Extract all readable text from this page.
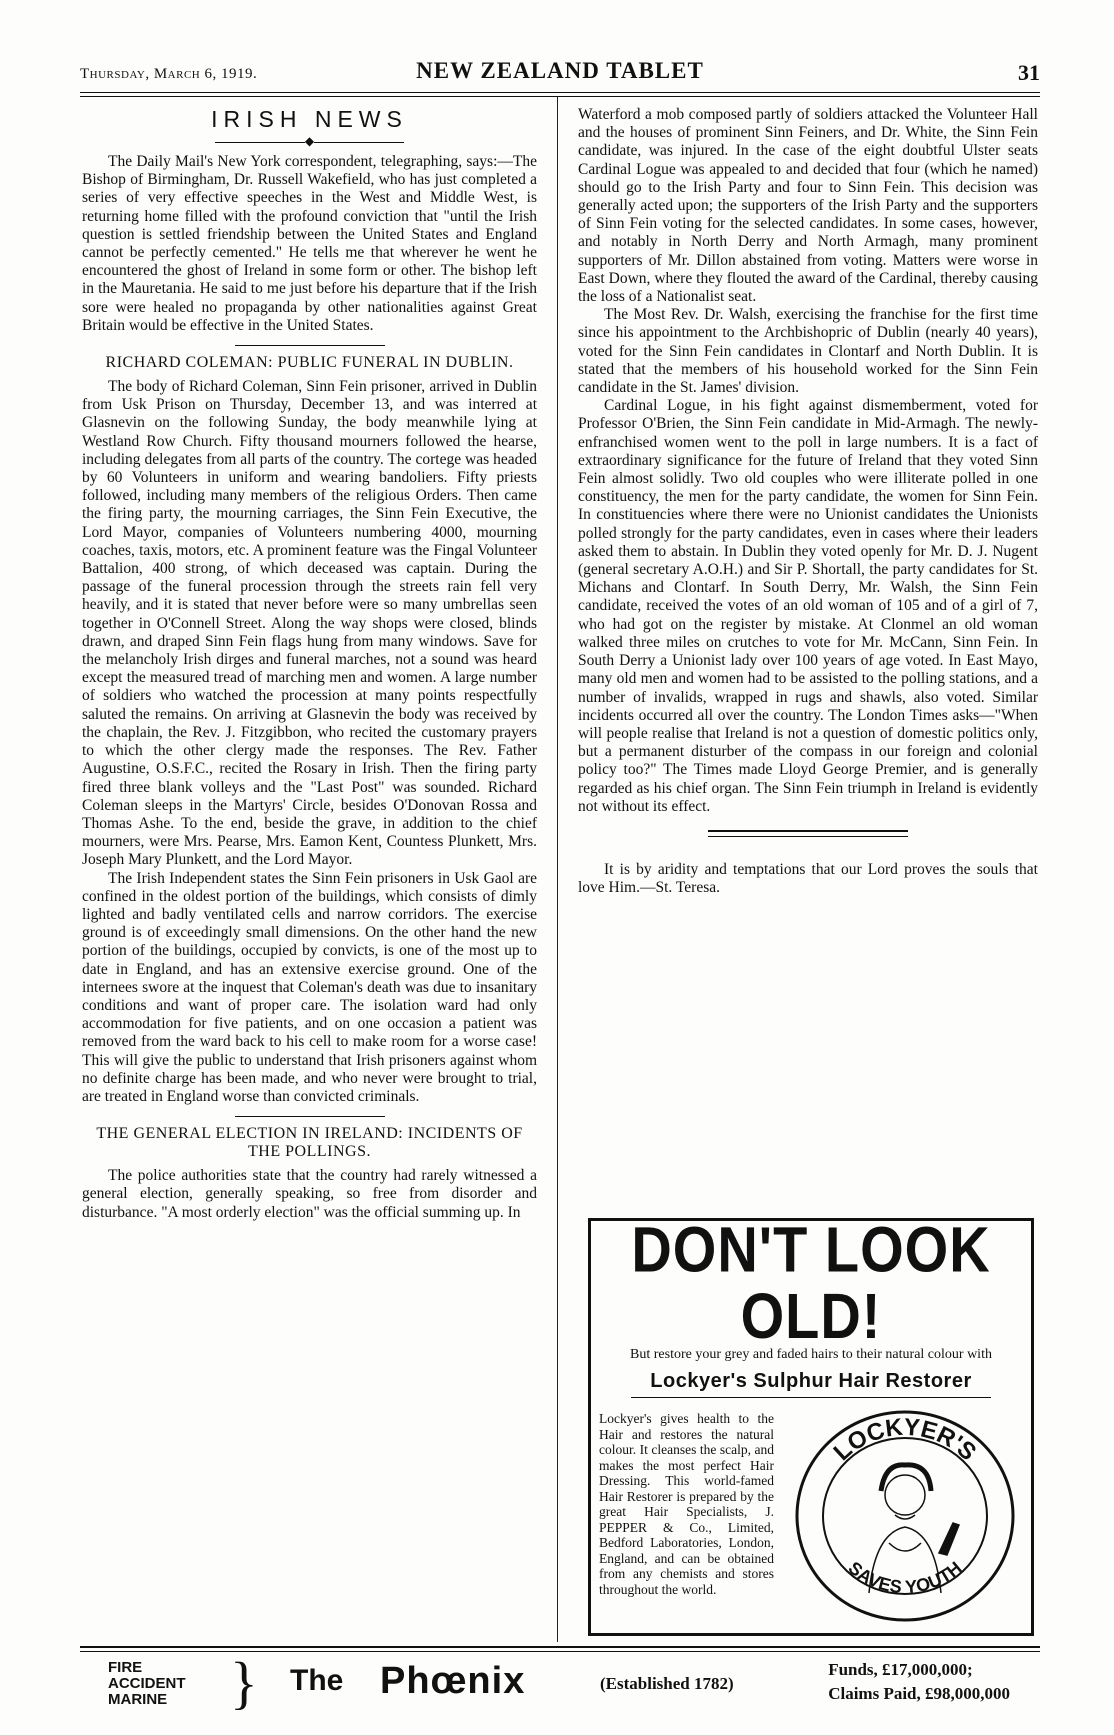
Thursday, March 6, 1919.	NEW ZEALAND TABLET	31
IRISH NEWS
◆

The Daily Mail's New York correspondent, telegraphing, says:—The Bishop of Birmingham, Dr. Russell Wakefield, who has just completed a series of very effective speeches in the West and Middle West, is returning home filled with the profound conviction that "until the Irish question is settled friendship between the United States and England cannot be perfectly cemented." He tells me that wherever he went he encountered the ghost of Ireland in some form or other. The bishop left in the Mauretania. He said to me just before his departure that if the Irish sore were healed no propaganda by other nationalities against Great Britain would be effective in the United States.

RICHARD COLEMAN: PUBLIC FUNERAL IN DUBLIN.

The body of Richard Coleman, Sinn Fein prisoner, arrived in Dublin from Usk Prison on Thursday, December 13, and was interred at Glasnevin on the following Sunday, the body meanwhile lying at Westland Row Church. Fifty thousand mourners followed the hearse, including delegates from all parts of the country. The cortege was headed by 60 Volunteers in uniform and wearing bandoliers. Fifty priests followed, including many members of the religious Orders. Then came the firing party, the mourning carriages, the Sinn Fein Executive, the Lord Mayor, companies of Volunteers numbering 4000, mourning coaches, taxis, motors, etc. A prominent feature was the Fingal Volunteer Battalion, 400 strong, of which deceased was captain. During the passage of the funeral procession through the streets rain fell very heavily, and it is stated that never before were so many umbrellas seen together in O'Connell Street. Along the way shops were closed, blinds drawn, and draped Sinn Fein flags hung from many windows. Save for the melancholy Irish dirges and funeral marches, not a sound was heard except the measured tread of marching men and women. A large number of soldiers who watched the procession at many points respectfully saluted the remains. On arriving at Glasnevin the body was received by the chaplain, the Rev. J. Fitzgibbon, who recited the customary prayers to which the other clergy made the responses. The Rev. Father Augustine, O.S.F.C., recited the Rosary in Irish. Then the firing party fired three blank volleys and the "Last Post" was sounded. Richard Coleman sleeps in the Martyrs' Circle, besides O'Donovan Rossa and Thomas Ashe. To the end, beside the grave, in addition to the chief mourners, were Mrs. Pearse, Mrs. Eamon Kent, Countess Plunkett, Mrs. Joseph Mary Plunkett, and the Lord Mayor.

The Irish Independent states the Sinn Fein prisoners in Usk Gaol are confined in the oldest portion of the buildings, which consists of dimly lighted and badly ventilated cells and narrow corridors. The exercise ground is of exceedingly small dimensions. On the other hand the new portion of the buildings, occupied by convicts, is one of the most up to date in England, and has an extensive exercise ground. One of the internees swore at the inquest that Coleman's death was due to insanitary conditions and want of proper care. The isolation ward had only accommodation for five patients, and on one occasion a patient was removed from the ward back to his cell to make room for a worse case! This will give the public to understand that Irish prisoners against whom no definite charge has been made, and who never were brought to trial, are treated in England worse than convicted criminals.

THE GENERAL ELECTION IN IRELAND: INCIDENTS OF THE POLLINGS.

The police authorities state that the country had rarely witnessed a general election, generally speaking, so free from disorder and disturbance. "A most orderly election" was the official summing up. In

Waterford a mob composed partly of soldiers attacked the Volunteer Hall and the houses of prominent Sinn Feiners, and Dr. White, the Sinn Fein candidate, was injured. In the case of the eight doubtful Ulster seats Cardinal Logue was appealed to and decided that four (which he named) should go to the Irish Party and four to Sinn Fein. This decision was generally acted upon; the supporters of the Irish Party and the supporters of Sinn Fein voting for the selected candidates. In some cases, however, and notably in North Derry and North Armagh, many prominent supporters of Mr. Dillon abstained from voting. Matters were worse in East Down, where they flouted the award of the Cardinal, thereby causing the loss of a Nationalist seat.

The Most Rev. Dr. Walsh, exercising the franchise for the first time since his appointment to the Archbishopric of Dublin (nearly 40 years), voted for the Sinn Fein candidates in Clontarf and North Dublin. It is stated that the members of his household worked for the Sinn Fein candidate in the St. James' division.

Cardinal Logue, in his fight against dismemberment, voted for Professor O'Brien, the Sinn Fein candidate in Mid-Armagh. The newly-enfranchised women went to the poll in large numbers. It is a fact of extraordinary significance for the future of Ireland that they voted Sinn Fein almost solidly. Two old couples who were illiterate polled in one constituency, the men for the party candidate, the women for Sinn Fein. In constituencies where there were no Unionist candidates the Unionists polled strongly for the party candidates, even in cases where their leaders asked them to abstain. In Dublin they voted openly for Mr. D. J. Nugent (general secretary A.O.H.) and Sir P. Shortall, the party candidates for St. Michans and Clontarf. In South Derry, Mr. Walsh, the Sinn Fein candidate, received the votes of an old woman of 105 and of a girl of 7, who had got on the register by mistake. At Clonmel an old woman walked three miles on crutches to vote for Mr. McCann, Sinn Fein. In South Derry a Unionist lady over 100 years of age voted. In East Mayo, many old men and women had to be assisted to the polling stations, and a number of invalids, wrapped in rugs and shawls, also voted. Similar incidents occurred all over the country. The London Times asks—"When will people realise that Ireland is not a question of domestic politics only, but a permanent disturber of the compass in our foreign and colonial policy too?" The Times made Lloyd George Premier, and is generally regarded as his chief organ. The Sinn Fein triumph in Ireland is evidently not without its effect.

It is by aridity and temptations that our Lord proves the souls that love Him.—St. Teresa.

DON'T LOOK OLD!
But restore your grey and faded hairs to their natural colour with
Lockyer's Sulphur Hair Restorer
Lockyer's gives health to the Hair and restores the natural colour. It cleanses the scalp, and makes the most perfect Hair Dressing. This world-famed Hair Restorer is prepared by the great Hair Specialists, J. PEPPER & Co., Limited, Bedford Laboratories, London, England, and can be obtained from any chemists and stores throughout the world.
LOCKYER'S
SAVES YOUTH
FIRE
ACCIDENT
MARINE	} The Phœnix	(Established 1782)
Funds, £17,000,000;
Claims Paid, £98,000,000
